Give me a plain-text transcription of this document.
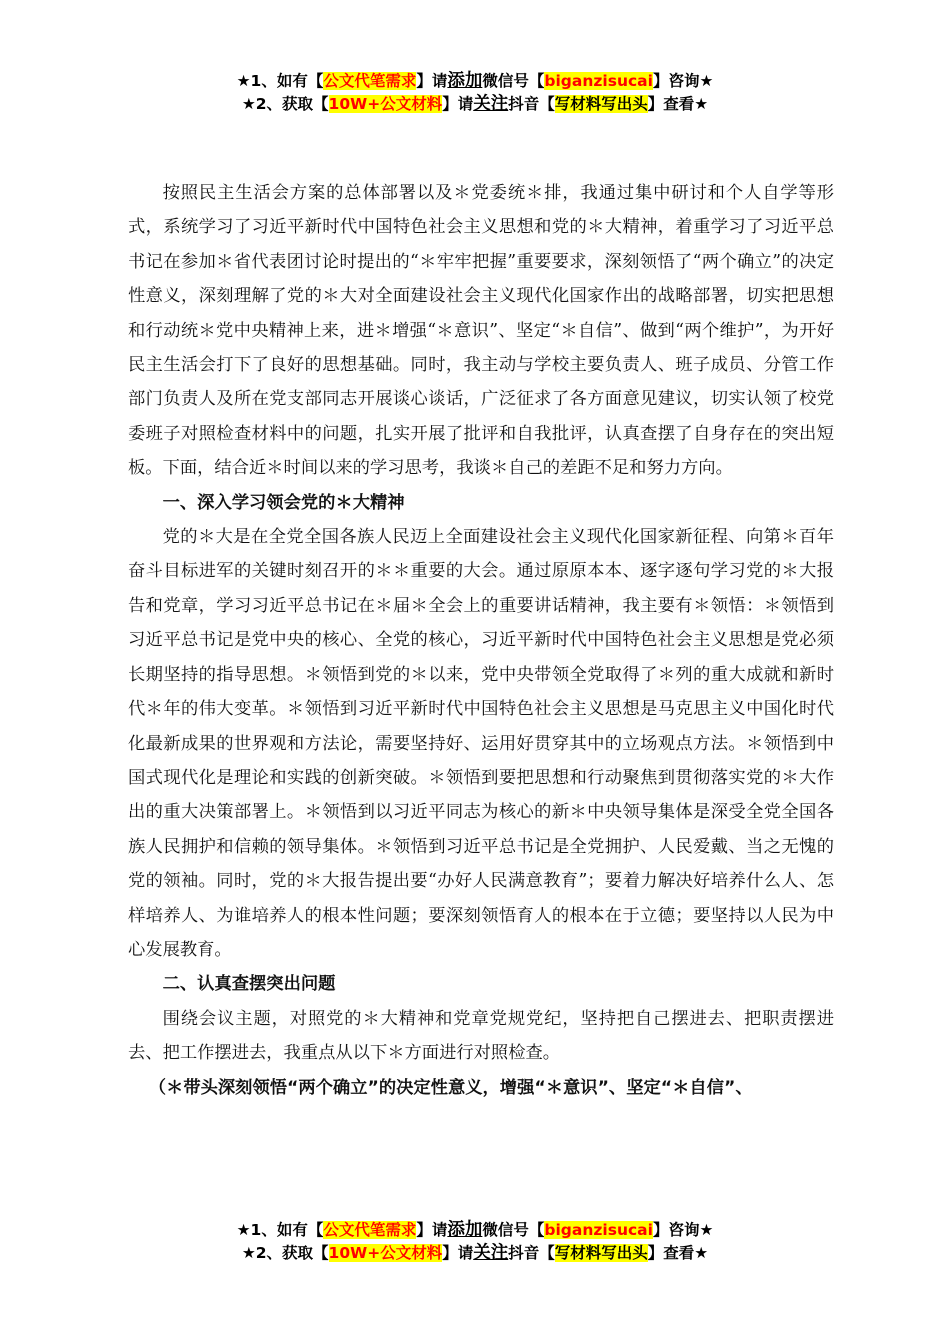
★1、如有【公文代笔需求】请添加微信号【biganzisucai】咨询★
★2、获取【10W+公文材料】请关注抖音【写材料写出头】查看★

按照民主生活会方案的总体部署以及＊党委统＊排，我通过集中研讨和个人自学等形式，系统学习了习近平新时代中国特色社会主义思想和党的＊大精神，着重学习了习近平总书记在参加＊省代表团讨论时提出的“＊牢牢把握”重要要求，深刻领悟了“两个确立”的决定性意义，深刻理解了党的＊大对全面建设社会主义现代化国家作出的战略部署，切实把思想和行动统＊党中央精神上来，进＊增强“＊意识”、坚定“＊自信”、做到“两个维护”，为开好民主生活会打下了良好的思想基础。同时，我主动与学校主要负责人、班子成员、分管工作部门负责人及所在党支部同志开展谈心谈话，广泛征求了各方面意见建议，切实认领了校党委班子对照检查材料中的问题，扎实开展了批评和自我批评，认真查摆了自身存在的突出短板。下面，结合近＊时间以来的学习思考，我谈＊自己的差距不足和努力方向。

一、深入学习领会党的＊大精神

党的＊大是在全党全国各族人民迈上全面建设社会主义现代化国家新征程、向第＊百年奋斗目标进军的关键时刻召开的＊＊重要的大会。通过原原本本、逐字逐句学习党的＊大报告和党章，学习习近平总书记在＊届＊全会上的重要讲话精神，我主要有＊领悟：＊领悟到习近平总书记是党中央的核心、全党的核心，习近平新时代中国特色社会主义思想是党必须长期坚持的指导思想。＊领悟到党的＊以来，党中央带领全党取得了＊列的重大成就和新时代＊年的伟大变革。＊领悟到习近平新时代中国特色社会主义思想是马克思主义中国化时代化最新成果的世界观和方法论，需要坚持好、运用好贯穿其中的立场观点方法。＊领悟到中国式现代化是理论和实践的创新突破。＊领悟到要把思想和行动聚焦到贯彻落实党的＊大作出的重大决策部署上。＊领悟到以习近平同志为核心的新＊中央领导集体是深受全党全国各族人民拥护和信赖的领导集体。＊领悟到习近平总书记是全党拥护、人民爱戴、当之无愧的党的领袖。同时，党的＊大报告提出要“办好人民满意教育”；要着力解决好培养什么人、怎样培养人、为谁培养人的根本性问题；要深刻领悟育人的根本在于立德；要坚持以人民为中心发展教育。

二、认真查摆突出问题

围绕会议主题，对照党的＊大精神和党章党规党纪，坚持把自己摆进去、把职责摆进去、把工作摆进去，我重点从以下＊方面进行对照检查。

（＊带头深刻领悟“两个确立”的决定性意义，增强“＊意识”、坚定“＊自信”、

★1、如有【公文代笔需求】请添加微信号【biganzisucai】咨询★
★2、获取【10W+公文材料】请关注抖音【写材料写出头】查看★
